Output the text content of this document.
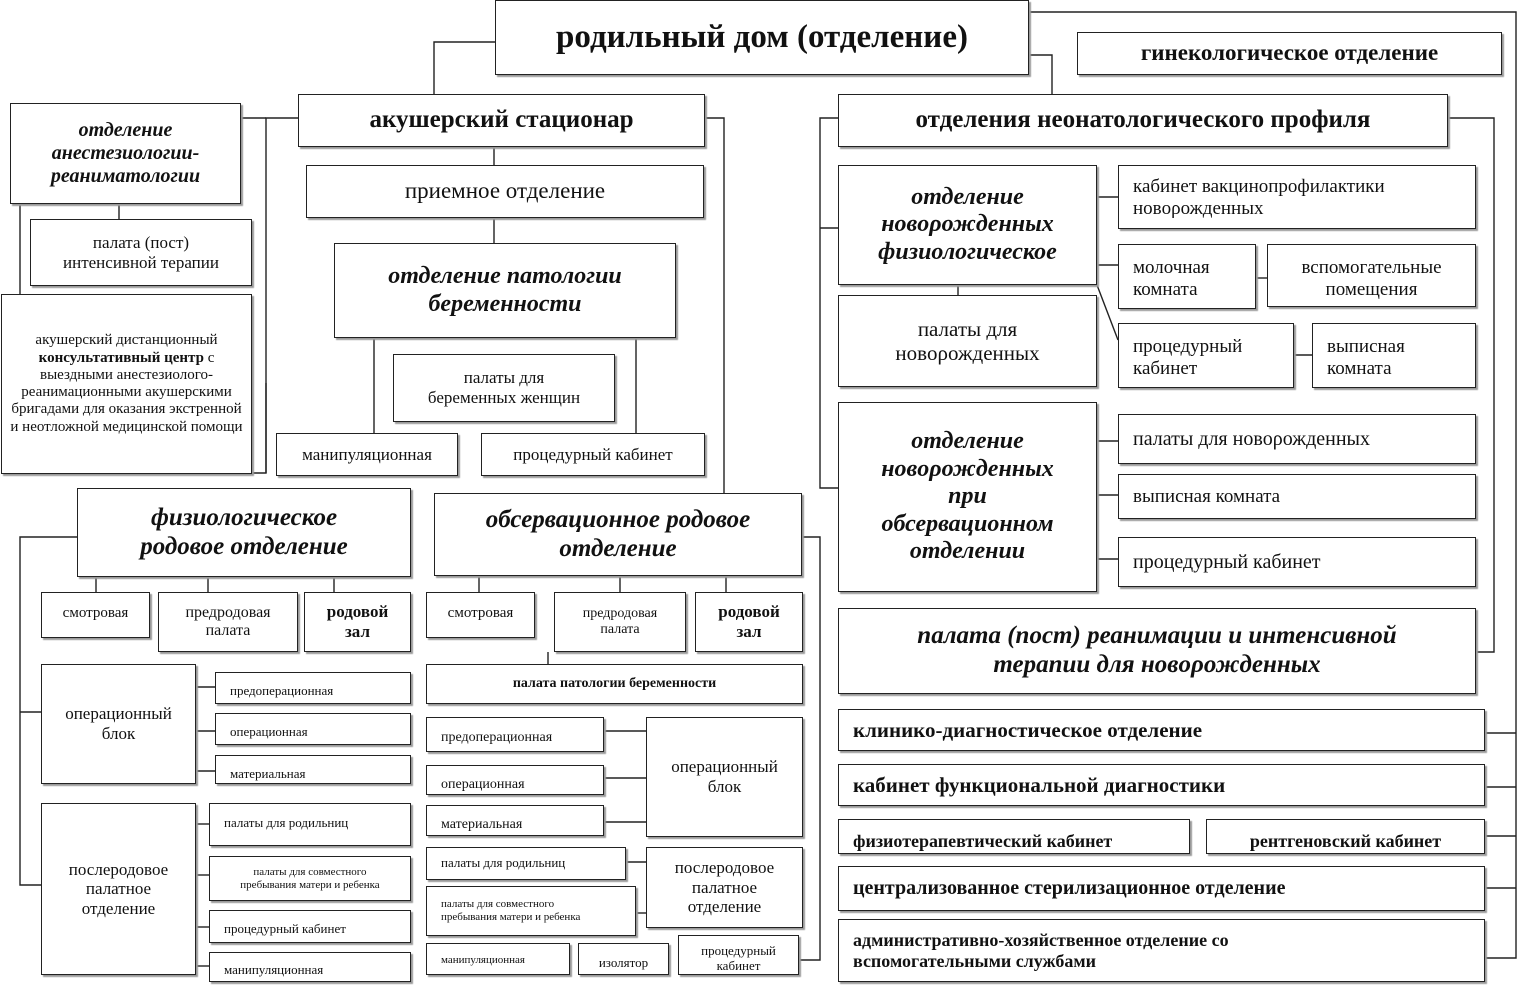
родильный дом (отделение)	гинекологическое отделение
акушерский стационар	отделения неонатологического профиля
отделение
анестезиологии-
реаниматологии
палата (пост)
интенсивной терапии
акушерский дистанционный
консультативный центр с выездными анестезиолого-реанимационными акушерскими бригадами для оказания экстренной и неотложной медицинской помощи
приемное отделение
отделение патологии
беременности
палаты для
беременных женщин
манипуляционная	процедурный кабинет
физиологическое
родовое отделение
смотровая	предродовая
палата
родовой
зал
операционный
блок
предоперационная
операционная
материальная
послеродовое
палатное
отделение
палаты для родильниц
палаты для совместного
пребывания матери и ребенка
процедурный кабинет
манипуляционная
обсервационное родовое
отделение
смотровая	предродовая
палата
родовой
зал
палата патологии беременности
предоперационная
операционная
материальная
операционный
блок
палаты для родильниц
палаты для совместного
пребывания матери и ребенка
послеродовое
палатное
отделение
манипуляционная	изолятор
процедурный
кабинет
отделение
новορожденных
физиологическое
кабинет вакцинопрофилактики
новορожденных
молочная
комната
вспомогательные
помещения
палаты для
новορожденных	процедурный
кабинет
выписная
комната
отделение
новορожденных
при
обсервационном
отделении
палаты для новορожденных
выписная комната
процедурный кабинет
палата (пост) реанимации и интенсивной
терапии для новορожденных
клинико-диагностическое отделение
кабинет функциональной диагностики
физиотерапевтический кабинет	рентгеновский кабинет
централизованное стерилизационное отделение
административно-хозяйственное отделение со
вспомогательными службами
